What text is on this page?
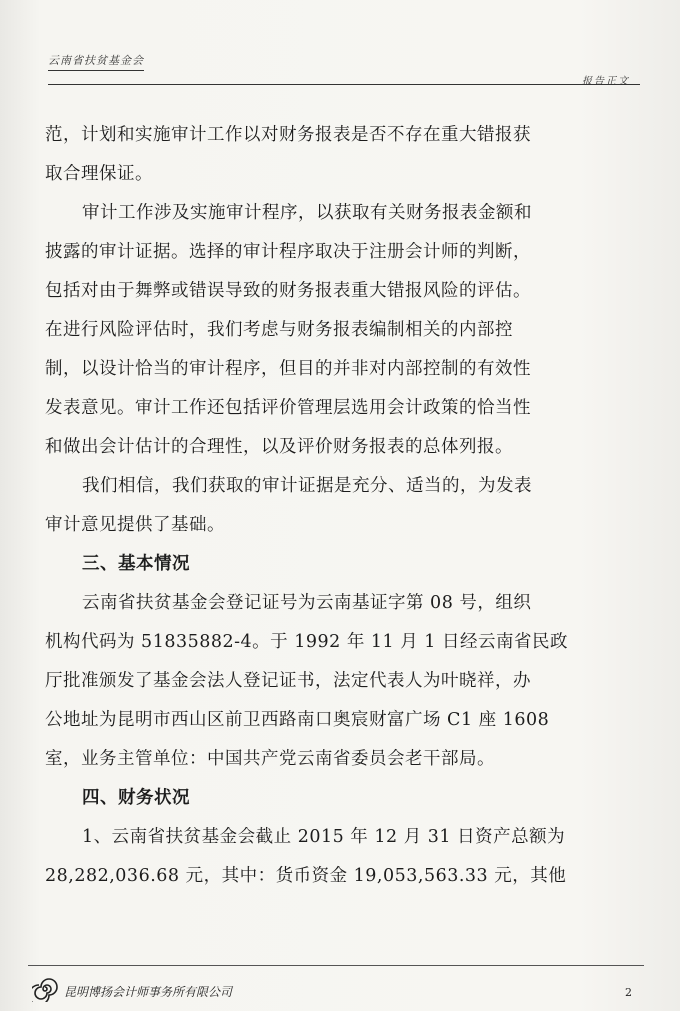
云南省扶贫基金会
报告正文
范，计划和实施审计工作以对财务报表是否不存在重大错报获
取合理保证。
审计工作涉及实施审计程序，以获取有关财务报表金额和
披露的审计证据。选择的审计程序取决于注册会计师的判断，
包括对由于舞弊或错误导致的财务报表重大错报风险的评估。
在进行风险评估时，我们考虑与财务报表编制相关的内部控
制，以设计恰当的审计程序，但目的并非对内部控制的有效性
发表意见。审计工作还包括评价管理层选用会计政策的恰当性
和做出会计估计的合理性，以及评价财务报表的总体列报。
我们相信，我们获取的审计证据是充分、适当的，为发表
审计意见提供了基础。
三、基本情况
云南省扶贫基金会登记证号为云南基证字第 08 号，组织
机构代码为 51835882-4。于 1992 年 11 月 1 日经云南省民政
厅批准颁发了基金会法人登记证书，法定代表人为叶晓祥，办
公地址为昆明市西山区前卫西路南口奥宸财富广场 C1 座 1608
室，业务主管单位：中国共产党云南省委员会老干部局。
四、财务状况
1、云南省扶贫基金会截止 2015 年 12 月 31 日资产总额为
28,282,036.68 元，其中：货币资金 19,053,563.33 元，其他
昆明博扬会计师事务所有限公司	2
